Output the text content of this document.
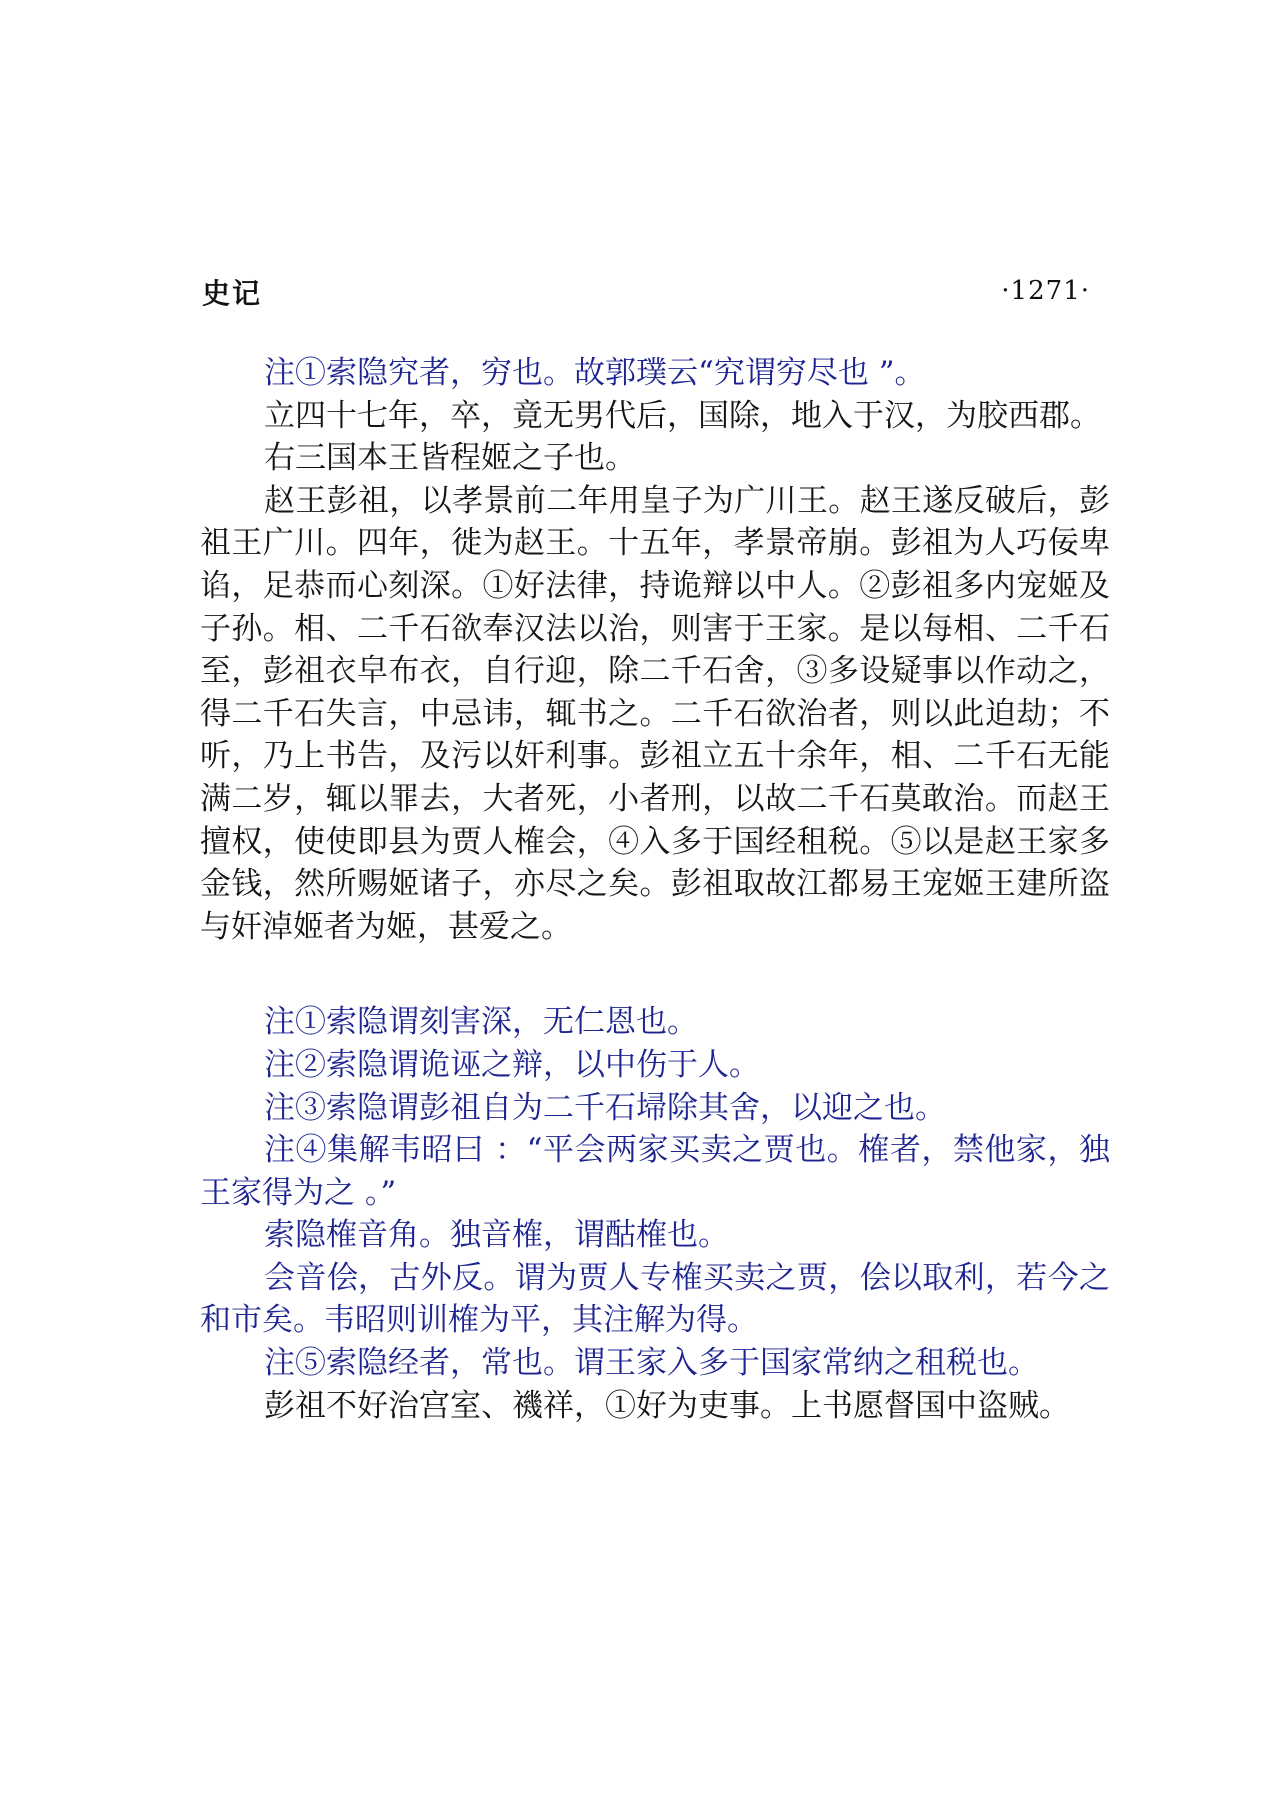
史记	·1271·

注①索隐究者，穷也。故郭璞云“究谓穷尽也 ”。

立四十七年，卒，竟无男代后，国除，地入于汉，为胶西郡。

右三国本王皆程姬之子也。

赵王彭祖，以孝景前二年用皇子为广川王。赵王遂反破后，彭祖王广川。四年，徙为赵王。十五年，孝景帝崩。彭祖为人巧佞卑谄，足恭而心刻深。①好法律，持诡辩以中人。②彭祖多内宠姬及子孙。相、二千石欲奉汉法以治，则害于王家。是以每相、二千石至，彭祖衣皁布衣，自行迎，除二千石舍，③多设疑事以作动之，得二千石失言，中忌讳，辄书之。二千石欲治者，则以此迫劫；不听，乃上书告，及污以奸利事。彭祖立五十余年，相、二千石无能满二岁，辄以罪去，大者死，小者刑，以故二千石莫敢治。而赵王擅权，使使即县为贾人榷会，④入多于国经租税。⑤以是赵王家多金钱，然所赐姬诸子，亦尽之矣。彭祖取故江都易王宠姬王建所盗与奸淖姬者为姬，甚爱之。

注①索隐谓刻害深，无仁恩也。

注②索隐谓诡诬之辩，以中伤于人。

注③索隐谓彭祖自为二千石埽除其舍，以迎之也。

注④集解韦昭曰 ：“平会两家买卖之贾也。榷者，禁他家，独王家得为之 。”

索隐榷音角。独音榷，谓酤榷也。

会音侩，古外反。谓为贾人专榷买卖之贾，侩以取利，若今之和市矣。韦昭则训榷为平，其注解为得。

注⑤索隐经者，常也。谓王家入多于国家常纳之租税也。

彭祖不好治宫室、禨祥，①好为吏事。上书愿督国中盗贼。
